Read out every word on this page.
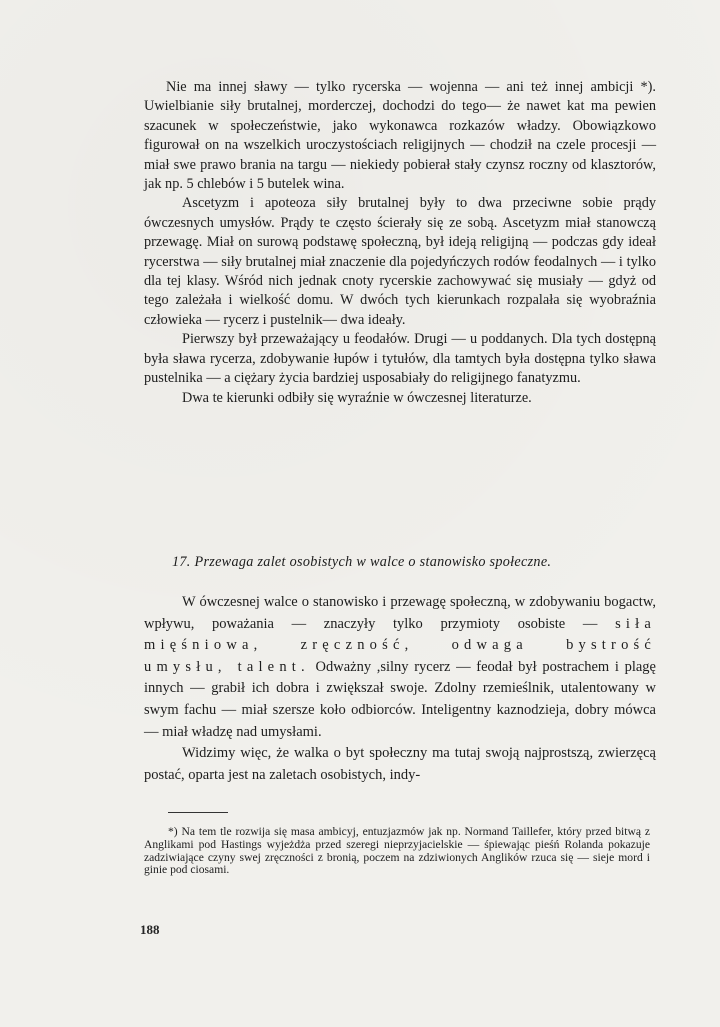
Nie ma innej sławy — tylko rycerska — wojenna — ani też innej ambicji *). Uwielbianie siły brutalnej, morderczej, dochodzi do tego— że nawet kat ma pewien szacunek w społeczeństwie, jako wykonawca rozkazów władzy. Obowiązkowo figurował on na wszelkich uroczystościach religijnych — chodził na czele procesji — miał swe prawo brania na targu — niekiedy pobierał stały czynsz roczny od klasztorów, jak np. 5 chlebów i 5 butelek wina.

Ascetyzm i apoteoza siły brutalnej były to dwa przeciwne sobie prądy ówczesnych umysłów. Prądy te często ścierały się ze sobą. Ascetyzm miał stanowczą przewagę. Miał on surową podstawę społeczną, był ideją religijną — podczas gdy ideał rycerstwa — siły brutalnej miał znaczenie dla pojedyńczych rodów feodalnych — i tylko dla tej klasy. Wśród nich jednak cnoty rycerskie zachowywać się musiały — gdyż od tego zależała i wielkość domu. W dwóch tych kierunkach rozpalała się wyobraźnia człowieka — rycerz i pustelnik— dwa ideały.

Pierwszy był przeważający u feodałów. Drugi — u poddanych. Dla tych dostępną była sława rycerza, zdobywanie łupów i tytułów, dla tamtych była dostępna tylko sława pustelnika — a ciężary życia bardziej usposabiały do religijnego fanatyzmu.

Dwa te kierunki odbiły się wyraźnie w ówczesnej literaturze.

17. Przewaga zalet osobistych w walce o stanowisko społeczne.

W ówczesnej walce o stanowisko i przewagę społeczną, w zdobywaniu bogactw, wpływu, poważania — znaczyły tylko przymioty osobiste — siła mięśniowa, zręczność, odwaga bystrość umysłu, talent. Odważny ,silny rycerz — feodał był postrachem i plagę innych — grabił ich dobra i zwiększał swoje. Zdolny rzemieślnik, utalentowany w swym fachu — miał szersze koło odbiorców. Inteligentny kaznodzieja, dobry mówca — miał władzę nad umysłami.

Widzimy więc, że walka o byt społeczny ma tutaj swoją najprostszą, zwierzęcą postać, oparta jest na zaletach osobistych, indy-

*) Na tem tle rozwija się masa ambicyj, entuzjazmów jak np. Normand Taillefer, który przed bitwą z Anglikami pod Hastings wyjeżdża przed szeregi nieprzyjacielskie — śpiewając pieśń Rolanda pokazuje zadziwiające czyny swej zręczności z bronią, poczem na zdziwionych Anglików rzuca się — sieje mord i ginie pod ciosami.

188
